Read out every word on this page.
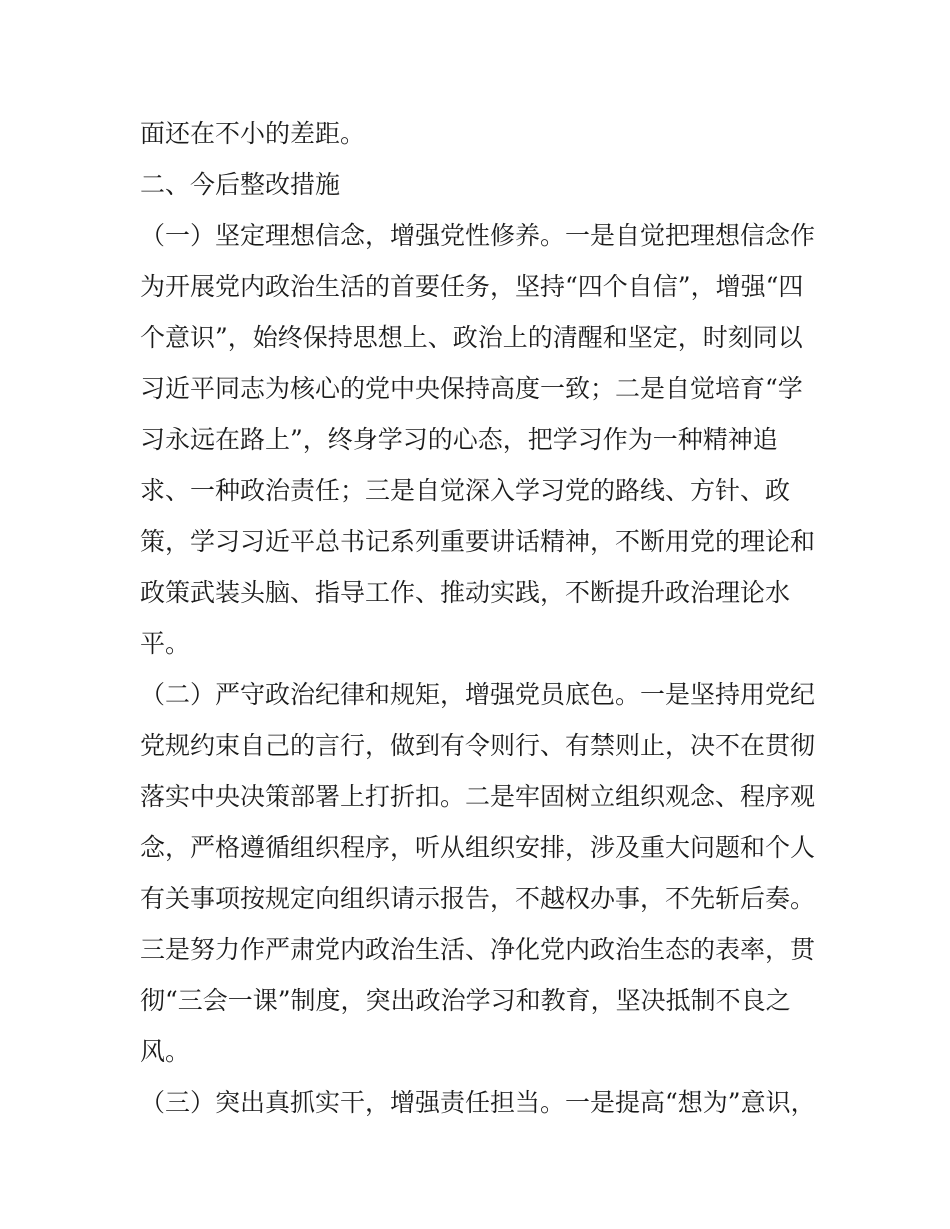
面还在不小的差距。
二、今后整改措施
（一）坚定理想信念，增强党性修养。一是自觉把理想信念作
为开展党内政治生活的首要任务，坚持“四个自信”，增强“四
个意识”，始终保持思想上、政治上的清醒和坚定，时刻同以
习近平同志为核心的党中央保持高度一致；二是自觉培育“学
习永远在路上”，终身学习的心态，把学习作为一种精神追
求、一种政治责任；三是自觉深入学习党的路线、方针、政
策，学习习近平总书记系列重要讲话精神，不断用党的理论和
政策武装头脑、指导工作、推动实践，不断提升政治理论水
平。
（二）严守政治纪律和规矩，增强党员底色。一是坚持用党纪
党规约束自己的言行，做到有令则行、有禁则止，决不在贯彻
落实中央决策部署上打折扣。二是牢固树立组织观念、程序观
念，严格遵循组织程序，听从组织安排，涉及重大问题和个人
有关事项按规定向组织请示报告，不越权办事，不先斩后奏。
三是努力作严肃党内政治生活、净化党内政治生态的表率，贯
彻“三会一课”制度，突出政治学习和教育，坚决抵制不良之
风。
（三）突出真抓实干，增强责任担当。一是提高“想为”意识，
